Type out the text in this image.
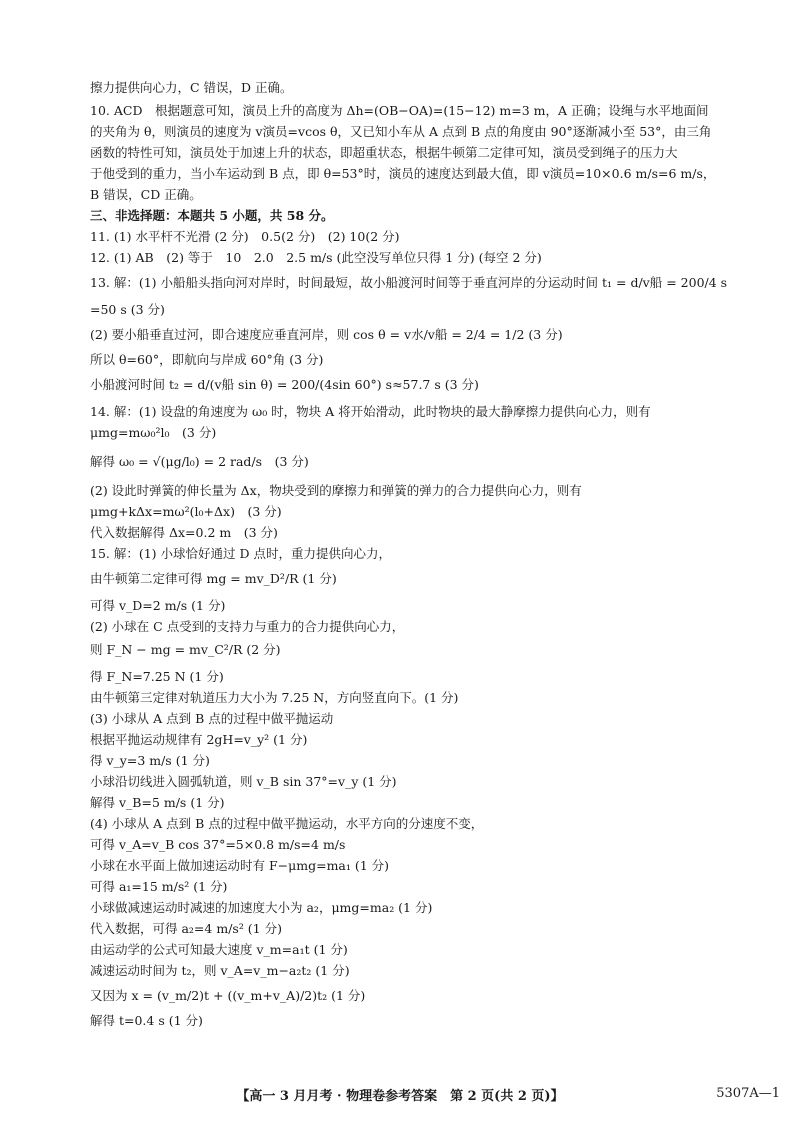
擦力提供向心力，C 错误，D 正确。
10. ACD　根据题意可知，演员上升的高度为 Δh=(OB−OA)=(15−12) m=3 m，A 正确；设绳与水平地面间
的夹角为 θ，则演员的速度为 v演员=vcos θ，又已知小车从 A 点到 B 点的角度由 90°逐渐减小至 53°，由三角
函数的特性可知，演员处于加速上升的状态，即超重状态，根据牛顿第二定律可知，演员受到绳子的压力大
于他受到的重力，当小车运动到 B 点，即 θ=53°时，演员的速度达到最大值，即 v演员=10×0.6 m/s=6 m/s，
B 错误，CD 正确。
三、非选择题：本题共 5 小题，共 58 分。
11. (1) 水平杆不光滑 (2 分)　0.5(2 分)　(2) 10(2 分)
12. (1) AB　(2) 等于　10　2.0　2.5 m/s (此空没写单位只得 1 分) (每空 2 分)
13. 解：(1) 小船船头指向河对岸时，时间最短，故小船渡河时间等于垂直河岸的分运动时间 t₁ = d/v船 = 200/4 s
=50 s (3 分)
(2) 要小船垂直过河，即合速度应垂直河岸，则 cos θ = v水/v船 = 2/4 = 1/2 (3 分)
所以 θ=60°，即航向与岸成 60°角 (3 分)
小船渡河时间 t₂ = d/(v船 sin θ) = 200/(4sin 60°) s≈57.7 s (3 分)
14. 解：(1) 设盘的角速度为 ω₀ 时，物块 A 将开始滑动，此时物块的最大静摩擦力提供向心力，则有
μmg=mω₀²l₀　(3 分)
解得 ω₀ = √(μg/l₀) = 2 rad/s　(3 分)
(2) 设此时弹簧的伸长量为 Δx，物块受到的摩擦力和弹簧的弹力的合力提供向心力，则有
μmg+kΔx=mω²(l₀+Δx)　(3 分)
代入数据解得 Δx=0.2 m　(3 分)
15. 解：(1) 小球恰好通过 D 点时，重力提供向心力，
由牛顿第二定律可得 mg = mv_D²/R (1 分)
可得 v_D=2 m/s (1 分)
(2) 小球在 C 点受到的支持力与重力的合力提供向心力，
则 F_N − mg = mv_C²/R (2 分)
得 F_N=7.25 N (1 分)
由牛顿第三定律对轨道压力大小为 7.25 N，方向竖直向下。(1 分)
(3) 小球从 A 点到 B 点的过程中做平抛运动
根据平抛运动规律有 2gH=v_y² (1 分)
得 v_y=3 m/s (1 分)
小球沿切线进入圆弧轨道，则 v_B sin 37°=v_y (1 分)
解得 v_B=5 m/s (1 分)
(4) 小球从 A 点到 B 点的过程中做平抛运动，水平方向的分速度不变，
可得 v_A=v_B cos 37°=5×0.8 m/s=4 m/s
小球在水平面上做加速运动时有 F−μmg=ma₁ (1 分)
可得 a₁=15 m/s² (1 分)
小球做减速运动时减速的加速度大小为 a₂，μmg=ma₂ (1 分)
代入数据，可得 a₂=4 m/s² (1 分)
由运动学的公式可知最大速度 v_m=a₁t (1 分)
减速运动时间为 t₂，则 v_A=v_m−a₂t₂ (1 分)
又因为 x = (v_m/2)t + ((v_m+v_A)/2)t₂ (1 分)
解得 t=0.4 s (1 分)
【高一 3 月月考 · 物理卷参考答案　第 2 页(共 2 页)】	5307A—1
